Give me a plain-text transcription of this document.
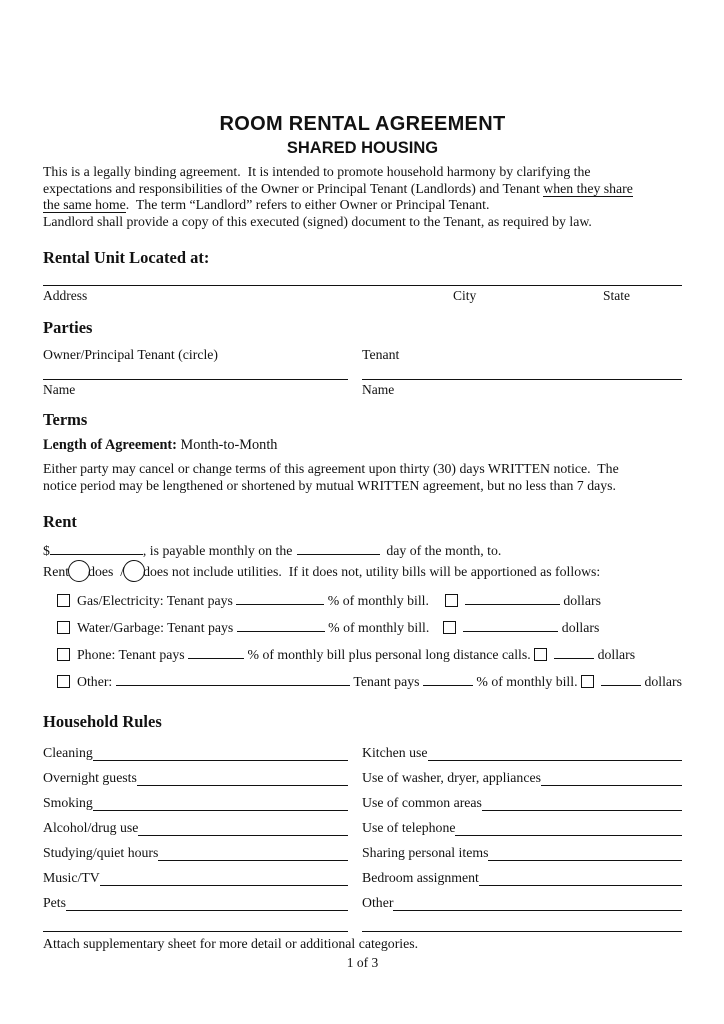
ROOM RENTAL AGREEMENT
SHARED HOUSING
This is a legally binding agreement.  It is intended to promote household harmony by clarifying the
expectations and responsibilities of the Owner or Principal Tenant (Landlords) and Tenant when they share
the same home.  The term “Landlord” refers to either Owner or Principal Tenant.
Landlord shall provide a copy of this executed (signed) document to the Tenant, as required by law.
Rental Unit Located at:
Address	City	State
Parties
Owner/Principal Tenant (circle)	Tenant
Name	Name
Terms
Length of Agreement: Month-to-Month
Either party may cancel or change terms of this agreement upon thirty (30) days WRITTEN notice.  The
notice period may be lengthened or shortened by mutual WRITTEN agreement, but no less than 7 days.
Rent
$	, is payable monthly on the	day of the month, to .
Rent does  / does not include utilities.  If it does not, utility bills will be apportioned as follows:
Gas/Electricity: Tenant pays	% of monthly bill.	dollars
Water/Garbage: Tenant pays	% of monthly bill.	dollars
Phone: Tenant pays	% of monthly bill plus personal long distance calls.	dollars
Other:	Tenant pays	% of monthly bill.	dollars
Household Rules
Cleaning	Kitchen use
Overnight guests	Use of washer, dryer, appliances
Smoking	Use of common areas
Alcohol/drug use	Use of telephone
Studying/quiet hours	Sharing personal items
Music/TV	Bedroom assignment
Pets	Other
Attach supplementary sheet for more detail or additional categories.
1 of 3
